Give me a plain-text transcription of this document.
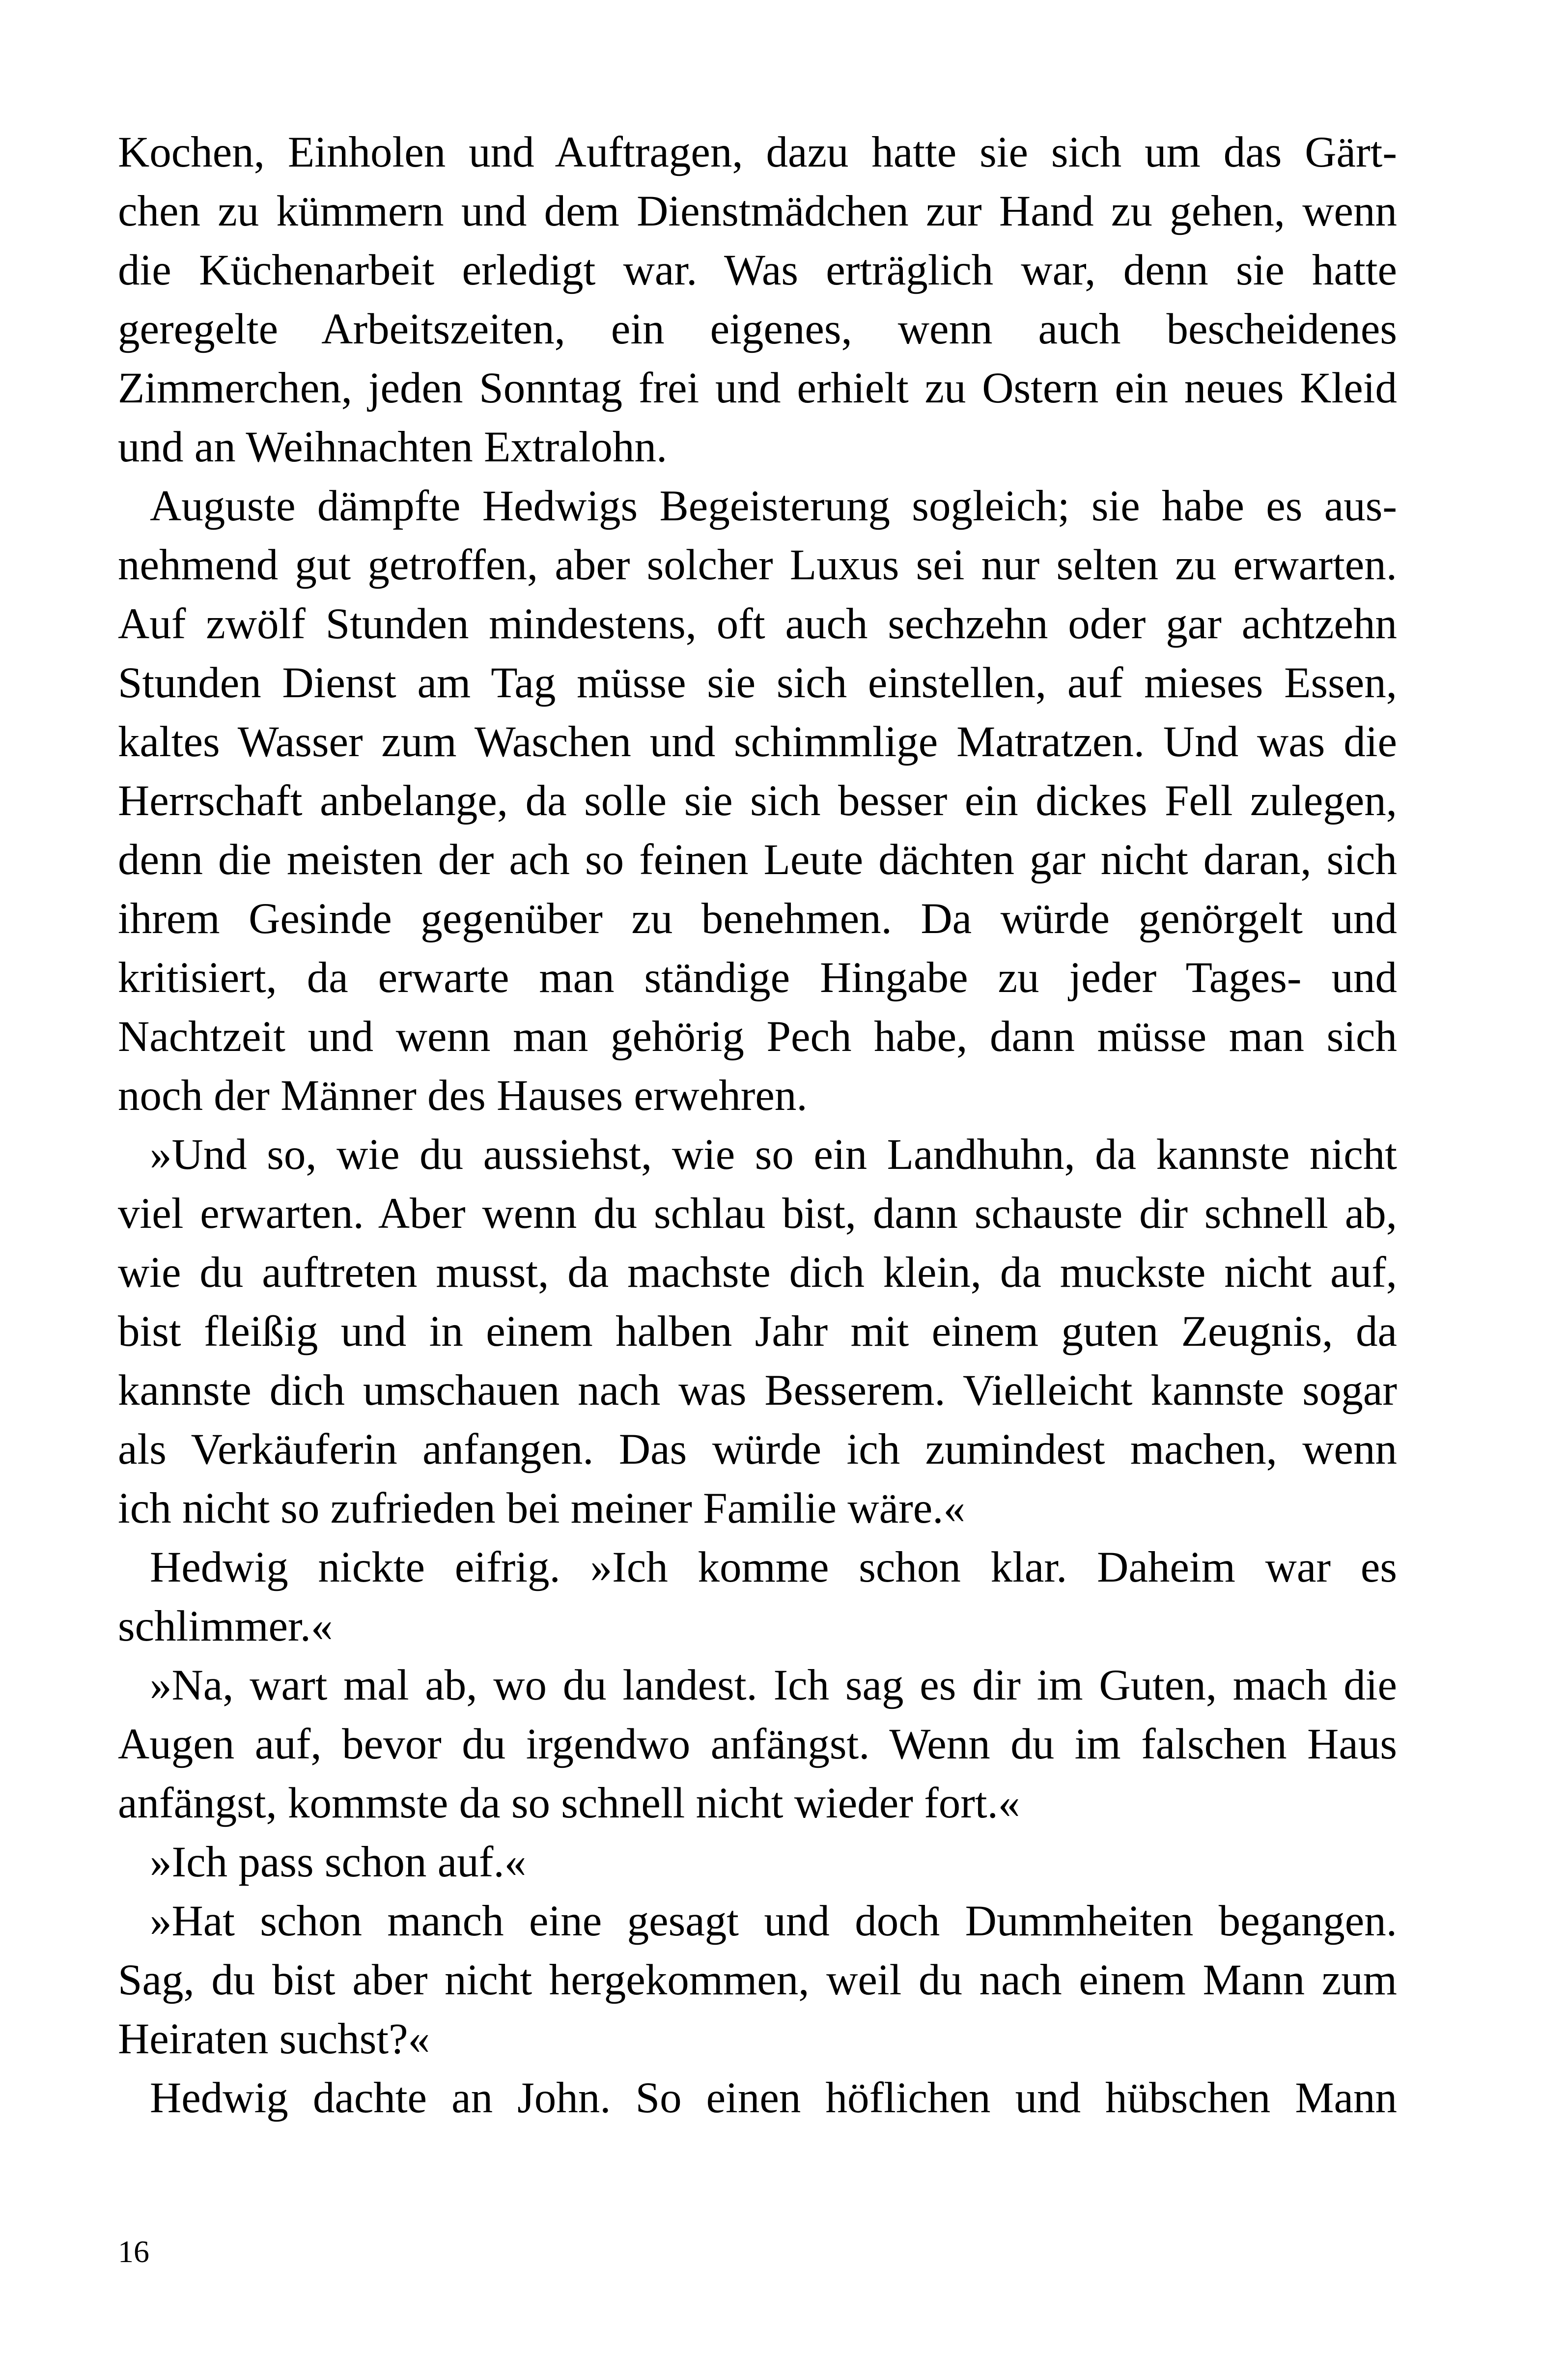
Kochen, Einholen und Auftragen, dazu hatte sie sich um das Gärt-
chen zu kümmern und dem Dienstmädchen zur Hand zu gehen, wenn
die Küchenarbeit erledigt war. Was erträglich war, denn sie hatte
geregelte Arbeitszeiten, ein eigenes, wenn auch bescheidenes
Zimmerchen, jeden Sonntag frei und erhielt zu Ostern ein neues Kleid
und an Weihnachten Extralohn.
Auguste dämpfte Hedwigs Begeisterung sogleich; sie habe es aus-
nehmend gut getroffen, aber solcher Luxus sei nur selten zu erwarten.
Auf zwölf Stunden mindestens, oft auch sechzehn oder gar achtzehn
Stunden Dienst am Tag müsse sie sich einstellen, auf mieses Essen,
kaltes Wasser zum Waschen und schimmlige Matratzen. Und was die
Herrschaft anbelange, da solle sie sich besser ein dickes Fell zulegen,
denn die meisten der ach so feinen Leute dächten gar nicht daran, sich
ihrem Gesinde gegenüber zu benehmen. Da würde genörgelt und
kritisiert, da erwarte man ständige Hingabe zu jeder Tages- und
Nachtzeit und wenn man gehörig Pech habe, dann müsse man sich
noch der Männer des Hauses erwehren.
»Und so, wie du aussiehst, wie so ein Landhuhn, da kannste nicht
viel erwarten. Aber wenn du schlau bist, dann schauste dir schnell ab,
wie du auftreten musst, da machste dich klein, da muckste nicht auf,
bist fleißig und in einem halben Jahr mit einem guten Zeugnis, da
kannste dich umschauen nach was Besserem. Vielleicht kannste sogar
als Verkäuferin anfangen. Das würde ich zumindest machen, wenn
ich nicht so zufrieden bei meiner Familie wäre.«
Hedwig nickte eifrig. »Ich komme schon klar. Daheim war es
schlimmer.«
»Na, wart mal ab, wo du landest. Ich sag es dir im Guten, mach die
Augen auf, bevor du irgendwo anfängst. Wenn du im falschen Haus
anfängst, kommste da so schnell nicht wieder fort.«
»Ich pass schon auf.«
»Hat schon manch eine gesagt und doch Dummheiten begangen.
Sag, du bist aber nicht hergekommen, weil du nach einem Mann zum
Heiraten suchst?«
Hedwig dachte an John. So einen höflichen und hübschen Mann
16
